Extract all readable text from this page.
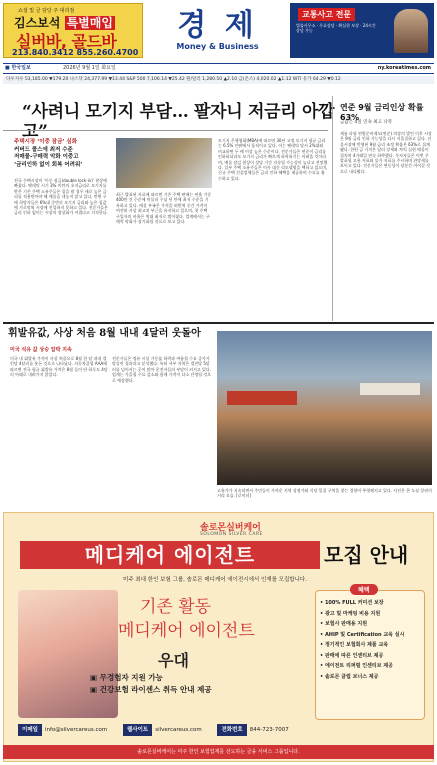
쇼셜 및 금 담당 주 대리점
김스보석 특별매입
실버바, 골드바
213.840.3412 855.260.4700
경 제
Money & Business
교통사고 전문
법률사무소 · 무료상담 · 확실한 보상 · 24시간 상담 가능
■ 한국일보	2026년 9월 1일 화요일	ny.koreatimes.com
다우지수 53,185.00 ▼179.20 나스닥 24,377.99 ▼13.44 S&P 500 7,106.14 ▼25.42 원/달러 1,280.50 ▲2.10 금(온스) 4,020.02 ▲1.12 WTI 유가 64.29 ▼0.12
“사려니 모기지 부담… 팔자니 저금리 아깝고”
주택시장 ‘이중 잠금’ 심화
커버드 콜스에 최저 수준
저매물-구매력 악화 이중고
‘금리인하 없이 회복 어려워’
전국 주택시장이 ‘이중 잠금(double lock-in)’ 현상에 빠졌다. 팬데믹 시기 3% 미만의 초저금리로 모기지를 받은 기존 주택 소유주들은 집을 팔 경우 새로 높은 금리를 적용받아야 해 매물을 내놓지 않고 있다. 반면 구매 희망자들은 6%대 중반의 모기지 금리와 높은 집값에 가로막혀 시장에 진입하지 못하고 있다. 전문가들은 금리 인하 없이는 시장의 정상화가 어렵다고 지적한다.
최근 발표된 자료에 따르면 기존 주택 판매는 연율 기준 400만 건 수준에 머물러 수십 년 만에 최저 수준을 기록하고 있다. 매물 부족은 가격을 떠받쳐 중간 가격이 여전히 사상 최고치 부근을 유지하고 있으며, 첫 주택 구입자의 비율은 역대 최저로 떨어졌다. 업계에서는 구매력 악화가 장기화될 것으로 보고 있다.
모기지 은행협회(MBA)에 따르면 30년 고정 모기지 평균 금리는 6.5% 안팎에서 움직이고 있다. 이는 팬데믹 당시 2%대와 비교하면 두 배 이상 높은 수준이다. 전문가들은 연준이 금리를 인하하더라도 모기지 금리가 빠르게 하락하기는 어려울 것이라며, 매물 잠김 현상이 상당 기간 지속될 가능성이 높다고 전망했다. 일부 주택 소유주들은 이사 대신 리모델링을 택하고 있으며, 신규 주택 건설업체들은 금리 인하 혜택을 제공하며 수요를 흡수하고 있다.
연준 9월 금리인상 확률 63%
금값은 4일 연속 최고 낙폭
제롬 파월 연방준비제도(연준) 의장의 발언 이후 시장은 9월 금리 인하 가능성을 다시 저울질하고 있다. 선물시장에 반영된 9월 금리 조정 확률은 63%로 집계됐다. 한편 금 가격은 달러 강세와 차익 실현 매물이 겹치며 4거래일 연속 하락했다. 투자자들은 이번 주 발표될 고용 지표와 물가 지표를 주시하며 관망세를 보이고 있다. 전문가들은 변동성이 당분간 이어질 것으로 내다봤다.
휘발유값, 사상 처음 8월 내내 4달러 웃돌아
미국 석유 값 상승 압박 지속
미국 내 휘발유 가격이 사상 처음으로 8월 한 달 내내 갤런당 4달러를 웃돈 것으로 나타났다. 자동차클럽 AAA에 따르면 전국 평균 휘발유 가격은 8월 들어 단 하루도 4달러 아래로 내려가지 않았다.
전문가들은 정유 시설 가동률 하락과 여름철 수요 증가가 맞물린 결과라고 분석했다. 특히 서부 지역은 갤런당 5달러를 넘어서는 곳이 많아 운전자들의 부담이 커지고 있다. 업계는 가을철 수요 감소와 함께 가격이 다소 안정될 것으로 예상했다.
고유가가 지속되면서 주민들이 가까운 지역 상점가와 식당 밀집 구역을 찾는 경향이 뚜렷해지고 있다. 사진은 한 도심 상권의 거리 모습. [로이터]
솔로몬실버케어
SOLOMON SILVER CARE
메디케어 에이전트	모집 안내
미주 최대 한인 보험 그룹, 솔로몬 메디케어 에이전시에서 인재를 모집합니다.
기존 활동
메디케어 에이전트
우대
▣ 무경험자 지원 가능
▣ 건강보험 라이센스 취득 안내 제공
혜택
• 100% FULL 커미션 보장
• 광고 및 마케팅 비용 지원
• 보험사 판매용 지원
• AHIP 및 Certification 교육 실시
• 정기적인 보험회사 제품 교육
• 판매에 따른 인센티브 제공
• 에이전트 리퍼럴 인센티브 제공
• 솔로몬 클럽 보너스 제공
이메일 info@silvercareus.com	웹사이트 silvercareus.com	전화번호 844-723-7007
솔로몬실버케어는 미주 한인 보험업계를 선도하는 금융 서비스 그룹입니다.
